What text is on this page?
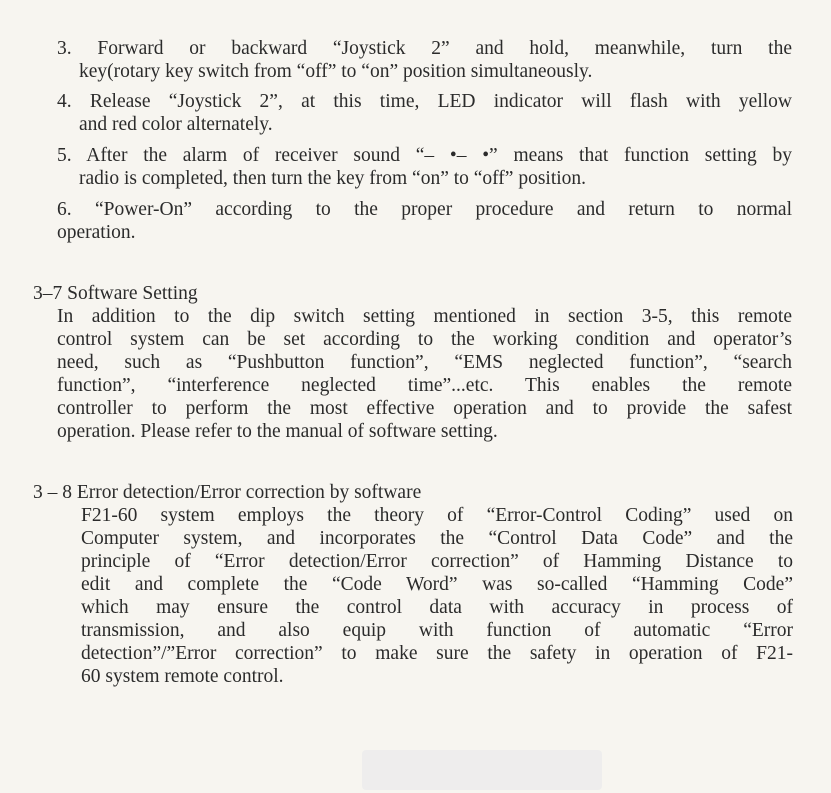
3. Forward or backward “Joystick 2” and hold, meanwhile, turn the
key(rotary key switch from “off” to “on” position simultaneously.
4. Release “Joystick 2”, at this time, LED indicator will flash with yellow
and red color alternately.
5. After the alarm of receiver sound “– •– •” means that function setting by
radio is completed, then turn the key from “on” to “off” position.
6. “Power-On” according to the proper procedure and return to normal
operation.
3–7 Software Setting
In addition to the dip switch setting mentioned in section 3-5, this remote
control system can be set according to the working condition and operator’s
need, such as “Pushbutton function”, “EMS neglected function”, “search
function”, “interference neglected time”...etc. This enables the remote
controller to perform the most effective operation and to provide the safest
operation. Please refer to the manual of software setting.
3 – 8 Error detection/Error correction by software
F21-60 system employs the theory of “Error-Control Coding” used on
Computer system, and incorporates the “Control Data Code” and the
principle of “Error detection/Error correction” of Hamming Distance to
edit and complete the “Code Word” was so-called “Hamming Code”
which may ensure the control data with accuracy in process of
transmission, and also equip with function of automatic “Error
detection”/”Error correction” to make sure the safety in operation of F21-
60 system remote control.
